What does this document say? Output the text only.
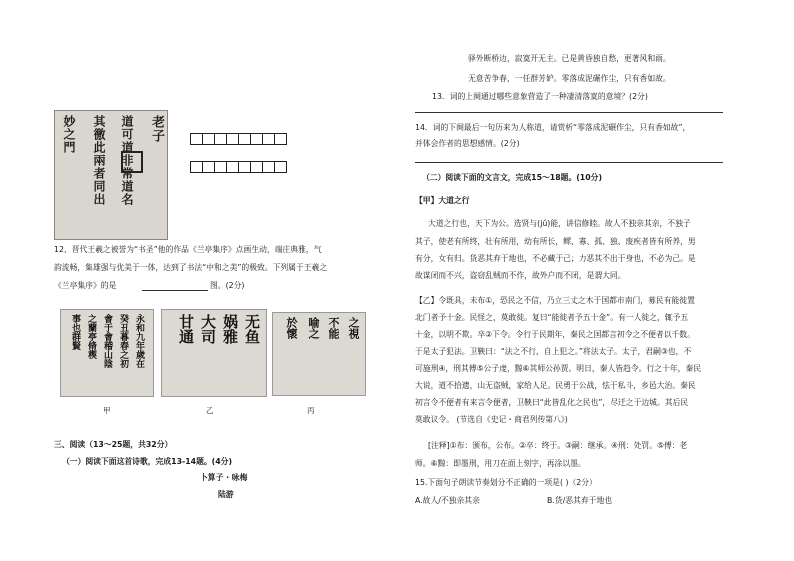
老子
道可道非常道名
其徼此兩者同出
妙之門
12、晋代王羲之被誉为“书圣”他的作品《兰亭集序》点画生动，端庄典雅，气
韵流畅，集雄强与优美于一体，达到了书法“中和之美”的极致。下列属于王羲之
《兰亭集序》的是	图。(2分)
永和九年歲在
癸丑暮春之初
會于會稽山陰
之蘭亭脩稧
事也群賢	无鱼
娲雅
大司
甘通	之視
不能
喻之
於懷
甲	乙	丙
三、阅读（13～25题，共32分）
（一）阅读下面这首诗歌，完成13-14题。(4分)
卜算子 · 咏梅
陆游
驿外断桥边，寂寞开无主。已是黄昏独自愁，更著风和雨。
无意苦争春，一任群芳妒。零落成泥碾作尘，只有香如故。
13．词的上阕通过哪些意象营造了一种凄清落寞的意境？(2分)
14．词的下阕最后一句历来为人称道，请赏析“零落成泥碾作尘，只有香如故”，
并体会作者的思想感情。(2分)
（二）阅读下面的文言文，完成15～18题。(10分)
【甲】大道之行
大道之行也，天下为公。选贤与(jǔ)能，讲信修睦。故人不独亲其亲，不独子
其子，使老有所终，壮有所用，幼有所长，鳏、寡、孤、独、废疾者皆有所养，男
有分，女有归。货恶其弃于地也，不必藏于己；力恶其不出于身也，不必为己。是
故谋闭而不兴，盗窃乱贼而不作，故外户而不闭，是谓大同。
【乙】令既具，未布①，恐民之不信，乃立三丈之木于国都市南门，募民有能徙置
北门者予十金。民怪之，莫敢徙。复曰“能徙者予五十金”。有一人徙之，辄予五
十金，以明不欺。卒②下令。令行于民期年，秦民之国都言初令之不便者以千数。
于是太子犯法。卫鞅曰：“法之不行，自上犯之。”将法太子。太子，君嗣③也，不
可施刑④，刑其傅⑤公子虔，黥⑥其师公孙贾。明日，秦人皆趋令。行之十年，秦民
大说，道不拾遗，山无盗贼，家给人足。民勇于公战，怯于私斗，乡邑大治。秦民
初言令不便者有来言令便者，卫鞅曰“此皆乱化之民也”，尽迁之于边城。其后民
莫敢议令。 (节选自《史记・商君列传第八》)
[注释]①布：颁布，公布。②卒：终于。③嗣：继承。④刑：处罚。⑤傅：老
师。⑥黥：即墨刑，用刀在面上刻字，再涂以墨。
15.下面句子朗读节奏划分不正确的一项是( )（2分）
A.故人/不独亲其亲	B.货/恶其弃于地也
